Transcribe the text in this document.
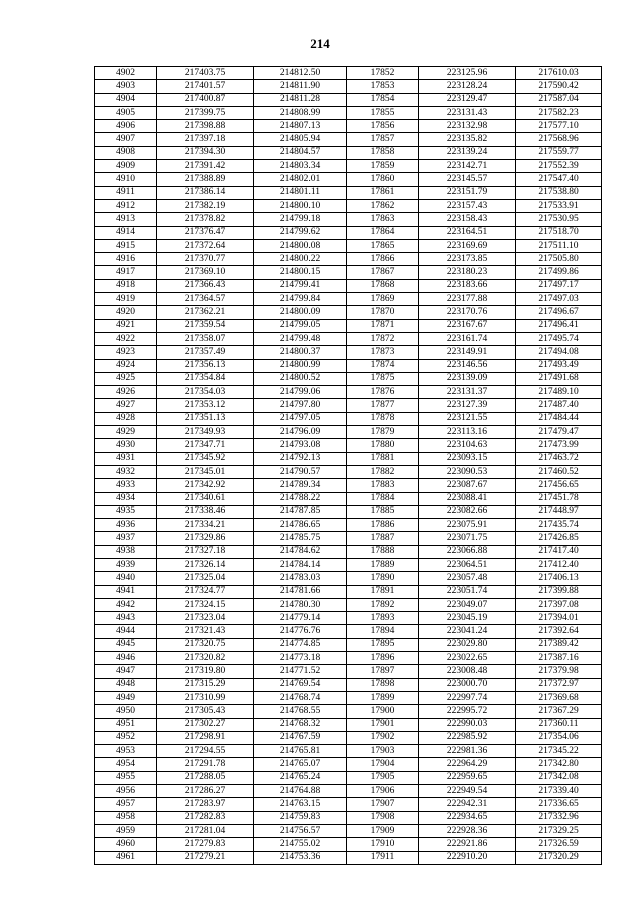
214
4902	217403.75	214812.50	17852	223125.96	217610.03
4903	217401.57	214811.90	17853	223128.24	217590.42
4904	217400.87	214811.28	17854	223129.47	217587.04
4905	217399.75	214808.99	17855	223131.43	217582.23
4906	217398.88	214807.13	17856	223132.98	217577.10
4907	217397.18	214805.94	17857	223135.82	217568.96
4908	217394.30	214804.57	17858	223139.24	217559.77
4909	217391.42	214803.34	17859	223142.71	217552.39
4910	217388.89	214802.01	17860	223145.57	217547.40
4911	217386.14	214801.11	17861	223151.79	217538.80
4912	217382.19	214800.10	17862	223157.43	217533.91
4913	217378.82	214799.18	17863	223158.43	217530.95
4914	217376.47	214799.62	17864	223164.51	217518.70
4915	217372.64	214800.08	17865	223169.69	217511.10
4916	217370.77	214800.22	17866	223173.85	217505.80
4917	217369.10	214800.15	17867	223180.23	217499.86
4918	217366.43	214799.41	17868	223183.66	217497.17
4919	217364.57	214799.84	17869	223177.88	217497.03
4920	217362.21	214800.09	17870	223170.76	217496.67
4921	217359.54	214799.05	17871	223167.67	217496.41
4922	217358.07	214799.48	17872	223161.74	217495.74
4923	217357.49	214800.37	17873	223149.91	217494.08
4924	217356.13	214800.99	17874	223146.56	217493.49
4925	217354.84	214800.52	17875	223139.09	217491.68
4926	217354.03	214799.06	17876	223131.37	217489.10
4927	217353.12	214797.80	17877	223127.39	217487.40
4928	217351.13	214797.05	17878	223121.55	217484.44
4929	217349.93	214796.09	17879	223113.16	217479.47
4930	217347.71	214793.08	17880	223104.63	217473.99
4931	217345.92	214792.13	17881	223093.15	217463.72
4932	217345.01	214790.57	17882	223090.53	217460.52
4933	217342.92	214789.34	17883	223087.67	217456.65
4934	217340.61	214788.22	17884	223088.41	217451.78
4935	217338.46	214787.85	17885	223082.66	217448.97
4936	217334.21	214786.65	17886	223075.91	217435.74
4937	217329.86	214785.75	17887	223071.75	217426.85
4938	217327.18	214784.62	17888	223066.88	217417.40
4939	217326.14	214784.14	17889	223064.51	217412.40
4940	217325.04	214783.03	17890	223057.48	217406.13
4941	217324.77	214781.66	17891	223051.74	217399.88
4942	217324.15	214780.30	17892	223049.07	217397.08
4943	217323.04	214779.14	17893	223045.19	217394.01
4944	217321.43	214776.76	17894	223041.24	217392.64
4945	217320.75	214774.85	17895	223029.80	217389.42
4946	217320.82	214773.18	17896	223022.65	217387.16
4947	217319.80	214771.52	17897	223008.48	217379.98
4948	217315.29	214769.54	17898	223000.70	217372.97
4949	217310.99	214768.74	17899	222997.74	217369.68
4950	217305.43	214768.55	17900	222995.72	217367.29
4951	217302.27	214768.32	17901	222990.03	217360.11
4952	217298.91	214767.59	17902	222985.92	217354.06
4953	217294.55	214765.81	17903	222981.36	217345.22
4954	217291.78	214765.07	17904	222964.29	217342.80
4955	217288.05	214765.24	17905	222959.65	217342.08
4956	217286.27	214764.88	17906	222949.54	217339.40
4957	217283.97	214763.15	17907	222942.31	217336.65
4958	217282.83	214759.83	17908	222934.65	217332.96
4959	217281.04	214756.57	17909	222928.36	217329.25
4960	217279.83	214755.02	17910	222921.86	217326.59
4961	217279.21	214753.36	17911	222910.20	217320.29
